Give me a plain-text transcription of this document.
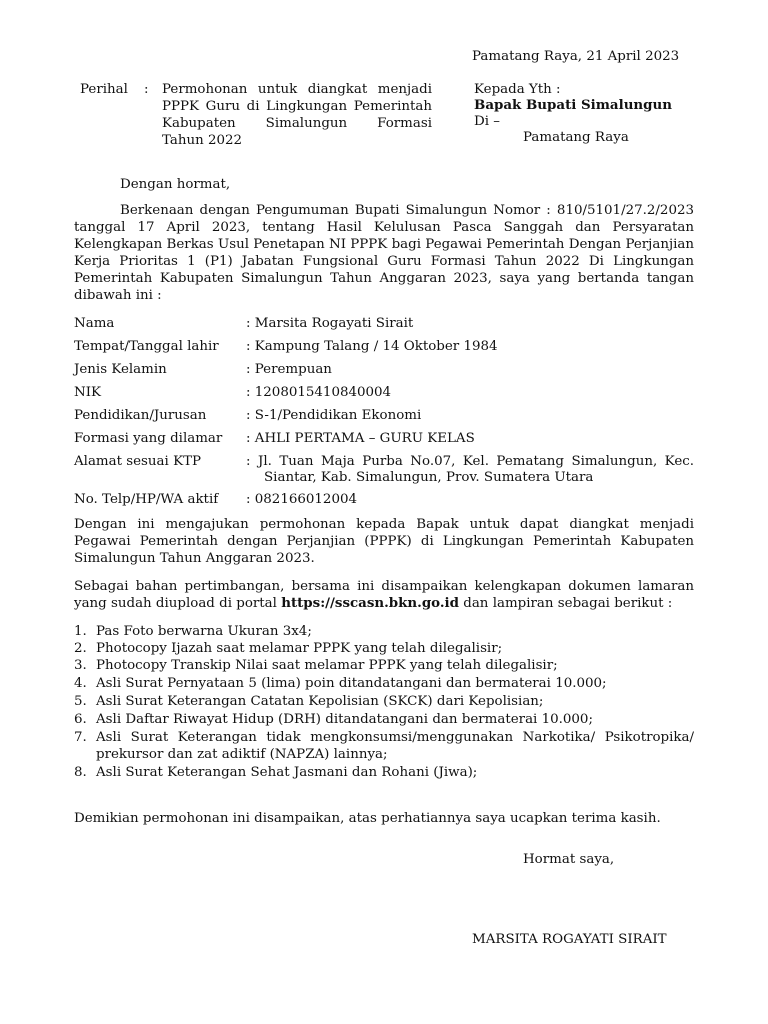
Pamatang Raya, 21 April 2023
Perihal : Permohonan untuk diangkat menjadi
PPPK Guru di Lingkungan Pemerintah
Kabupaten Simalungun Formasi
Tahun 2022
Kepada Yth :
Bapak Bupati Simalungun
Di –
Pamatang Raya
Dengan hormat,
Berkenaan dengan Pengumuman Bupati Simalungun Nomor : 810/5101/27.2/2023 tanggal 17 April 2023, tentang Hasil Kelulusan Pasca Sanggah dan Persyaratan Kelengkapan Berkas Usul Penetapan NI PPPK bagi Pegawai Pemerintah Dengan Perjanjian Kerja Prioritas 1 (P1) Jabatan Fungsional Guru Formasi Tahun 2022 Di Lingkungan Pemerintah Kabupaten Simalungun Tahun Anggaran 2023, saya yang bertanda tangan dibawah ini :
Nama	: Marsita Rogayati Sirait
Tempat/Tanggal lahir : Kampung Talang / 14 Oktober 1984
Jenis Kelamin	: Perempuan
NIK	: 1208015410840004
Pendidikan/Jurusan	: S-1/Pendidikan Ekonomi
Formasi yang dilamar : AHLI PERTAMA – GURU KELAS
Alamat sesuai KTP	: Jl. Tuan Maja Purba No.07, Kel. Pematang Simalungun, Kec.
Siantar, Kab. Simalungun, Prov. Sumatera Utara
No. Telp/HP/WA aktif : 082166012004
Dengan ini mengajukan permohonan kepada Bapak untuk dapat diangkat menjadi Pegawai Pemerintah dengan Perjanjian (PPPK) di Lingkungan Pemerintah Kabupaten Simalungun Tahun Anggaran 2023.
Sebagai bahan pertimbangan, bersama ini disampaikan kelengkapan dokumen lamaran yang sudah diupload di portal https://sscasn.bkn.go.id dan lampiran sebagai berikut :
1. Pas Foto berwarna Ukuran 3x4;
2. Photocopy Ijazah saat melamar PPPK yang telah dilegalisir;
3. Photocopy Transkip Nilai saat melamar PPPK yang telah dilegalisir;
4. Asli Surat Pernyataan 5 (lima) poin ditandatangani dan bermaterai 10.000;
5. Asli Surat Keterangan Catatan Kepolisian (SKCK) dari Kepolisian;
6. Asli Daftar Riwayat Hidup (DRH) ditandatangani dan bermaterai 10.000;
7. Asli Surat Keterangan tidak mengkonsumsi/menggunakan Narkotika/ Psikotropika/
prekursor dan zat adiktif (NAPZA) lainnya;
8. Asli Surat Keterangan Sehat Jasmani dan Rohani (Jiwa);
Demikian permohonan ini disampaikan, atas perhatiannya saya ucapkan terima kasih.
Hormat saya,
MARSITA ROGAYATI SIRAIT
